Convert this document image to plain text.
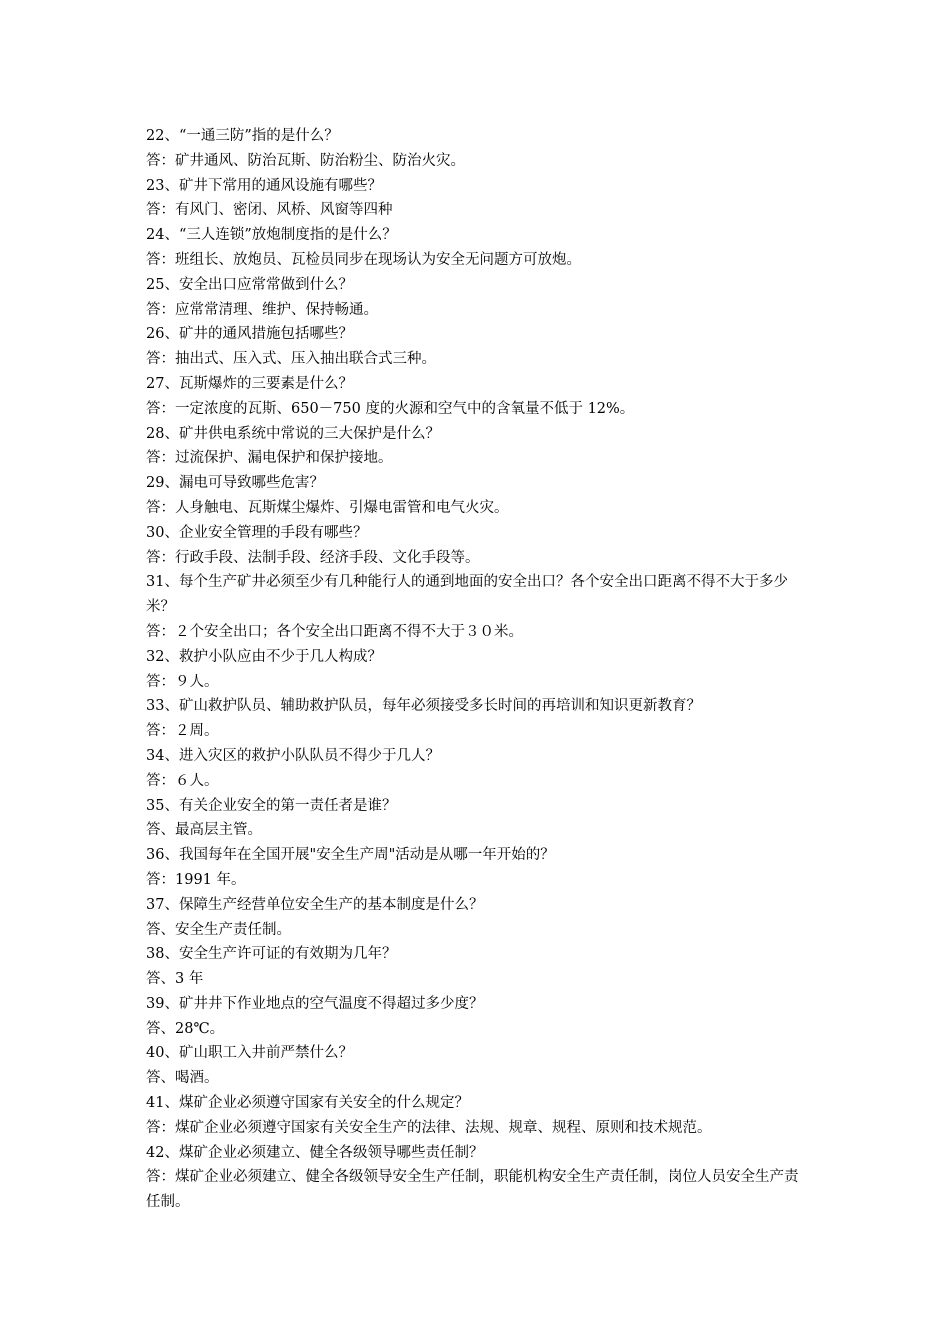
22、“一通三防”指的是什么？

答：矿井通风、防治瓦斯、防治粉尘、防治火灾。

23、矿井下常用的通风设施有哪些？

答：有风门、密闭、风桥、风窗等四种

24、“三人连锁”放炮制度指的是什么？

答：班组长、放炮员、瓦检员同步在现场认为安全无问题方可放炮。

25、安全出口应常常做到什么？

答：应常常清理、维护、保持畅通。

26、矿井的通风措施包括哪些？

答：抽出式、压入式、压入抽出联合式三种。

27、瓦斯爆炸的三要素是什么？

答：一定浓度的瓦斯、650－750 度的火源和空气中的含氧量不低于 12%。

28、矿井供电系统中常说的三大保护是什么？

答：过流保护、漏电保护和保护接地。

29、漏电可导致哪些危害？

答：人身触电、瓦斯煤尘爆炸、引爆电雷管和电气火灾。

30、企业安全管理的手段有哪些？

答：行政手段、法制手段、经济手段、文化手段等。

31、每个生产矿井必须至少有几种能行人的通到地面的安全出口？各个安全出口距离不得不大于多少米？

答：２个安全出口；各个安全出口距离不得不大于３０米。

32、救护小队应由不少于几人构成？

答：９人。

33、矿山救护队员、辅助救护队员，每年必须接受多长时间的再培训和知识更新教育？

答：２周。

34、进入灾区的救护小队队员不得少于几人？

答：６人。

35、有关企业安全的第一责任者是谁？

答、最高层主管。

36、我国每年在全国开展"安全生产周"活动是从哪一年开始的？

答：1991 年。

37、保障生产经营单位安全生产的基本制度是什么？

答、安全生产责任制。

38、安全生产许可证的有效期为几年？

答、3 年

39、矿井井下作业地点的空气温度不得超过多少度？

答、28℃。

40、矿山职工入井前严禁什么？

答、喝酒。

41、煤矿企业必须遵守国家有关安全的什么规定？

答：煤矿企业必须遵守国家有关安全生产的法律、法规、规章、规程、原则和技术规范。

42、煤矿企业必须建立、健全各级领导哪些责任制？

答：煤矿企业必须建立、健全各级领导安全生产任制，职能机构安全生产责任制，岗位人员安全生产责任制。
